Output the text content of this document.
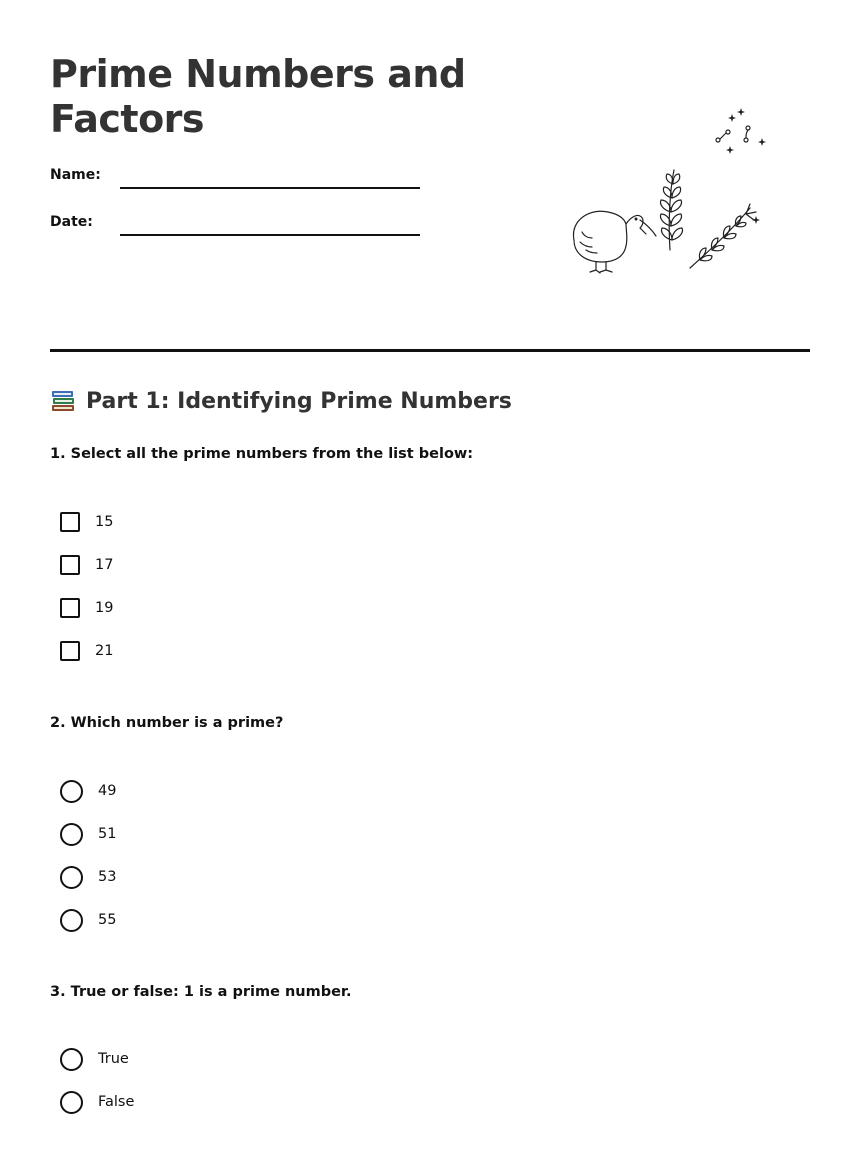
Prime Numbers and Factors
Name:
Date:
Part 1: Identifying Prime Numbers

1. Select all the prime numbers from the list below:

15
17
19
21

2. Which number is a prime?

49
51
53
55

3. True or false: 1 is a prime number.

True
False
